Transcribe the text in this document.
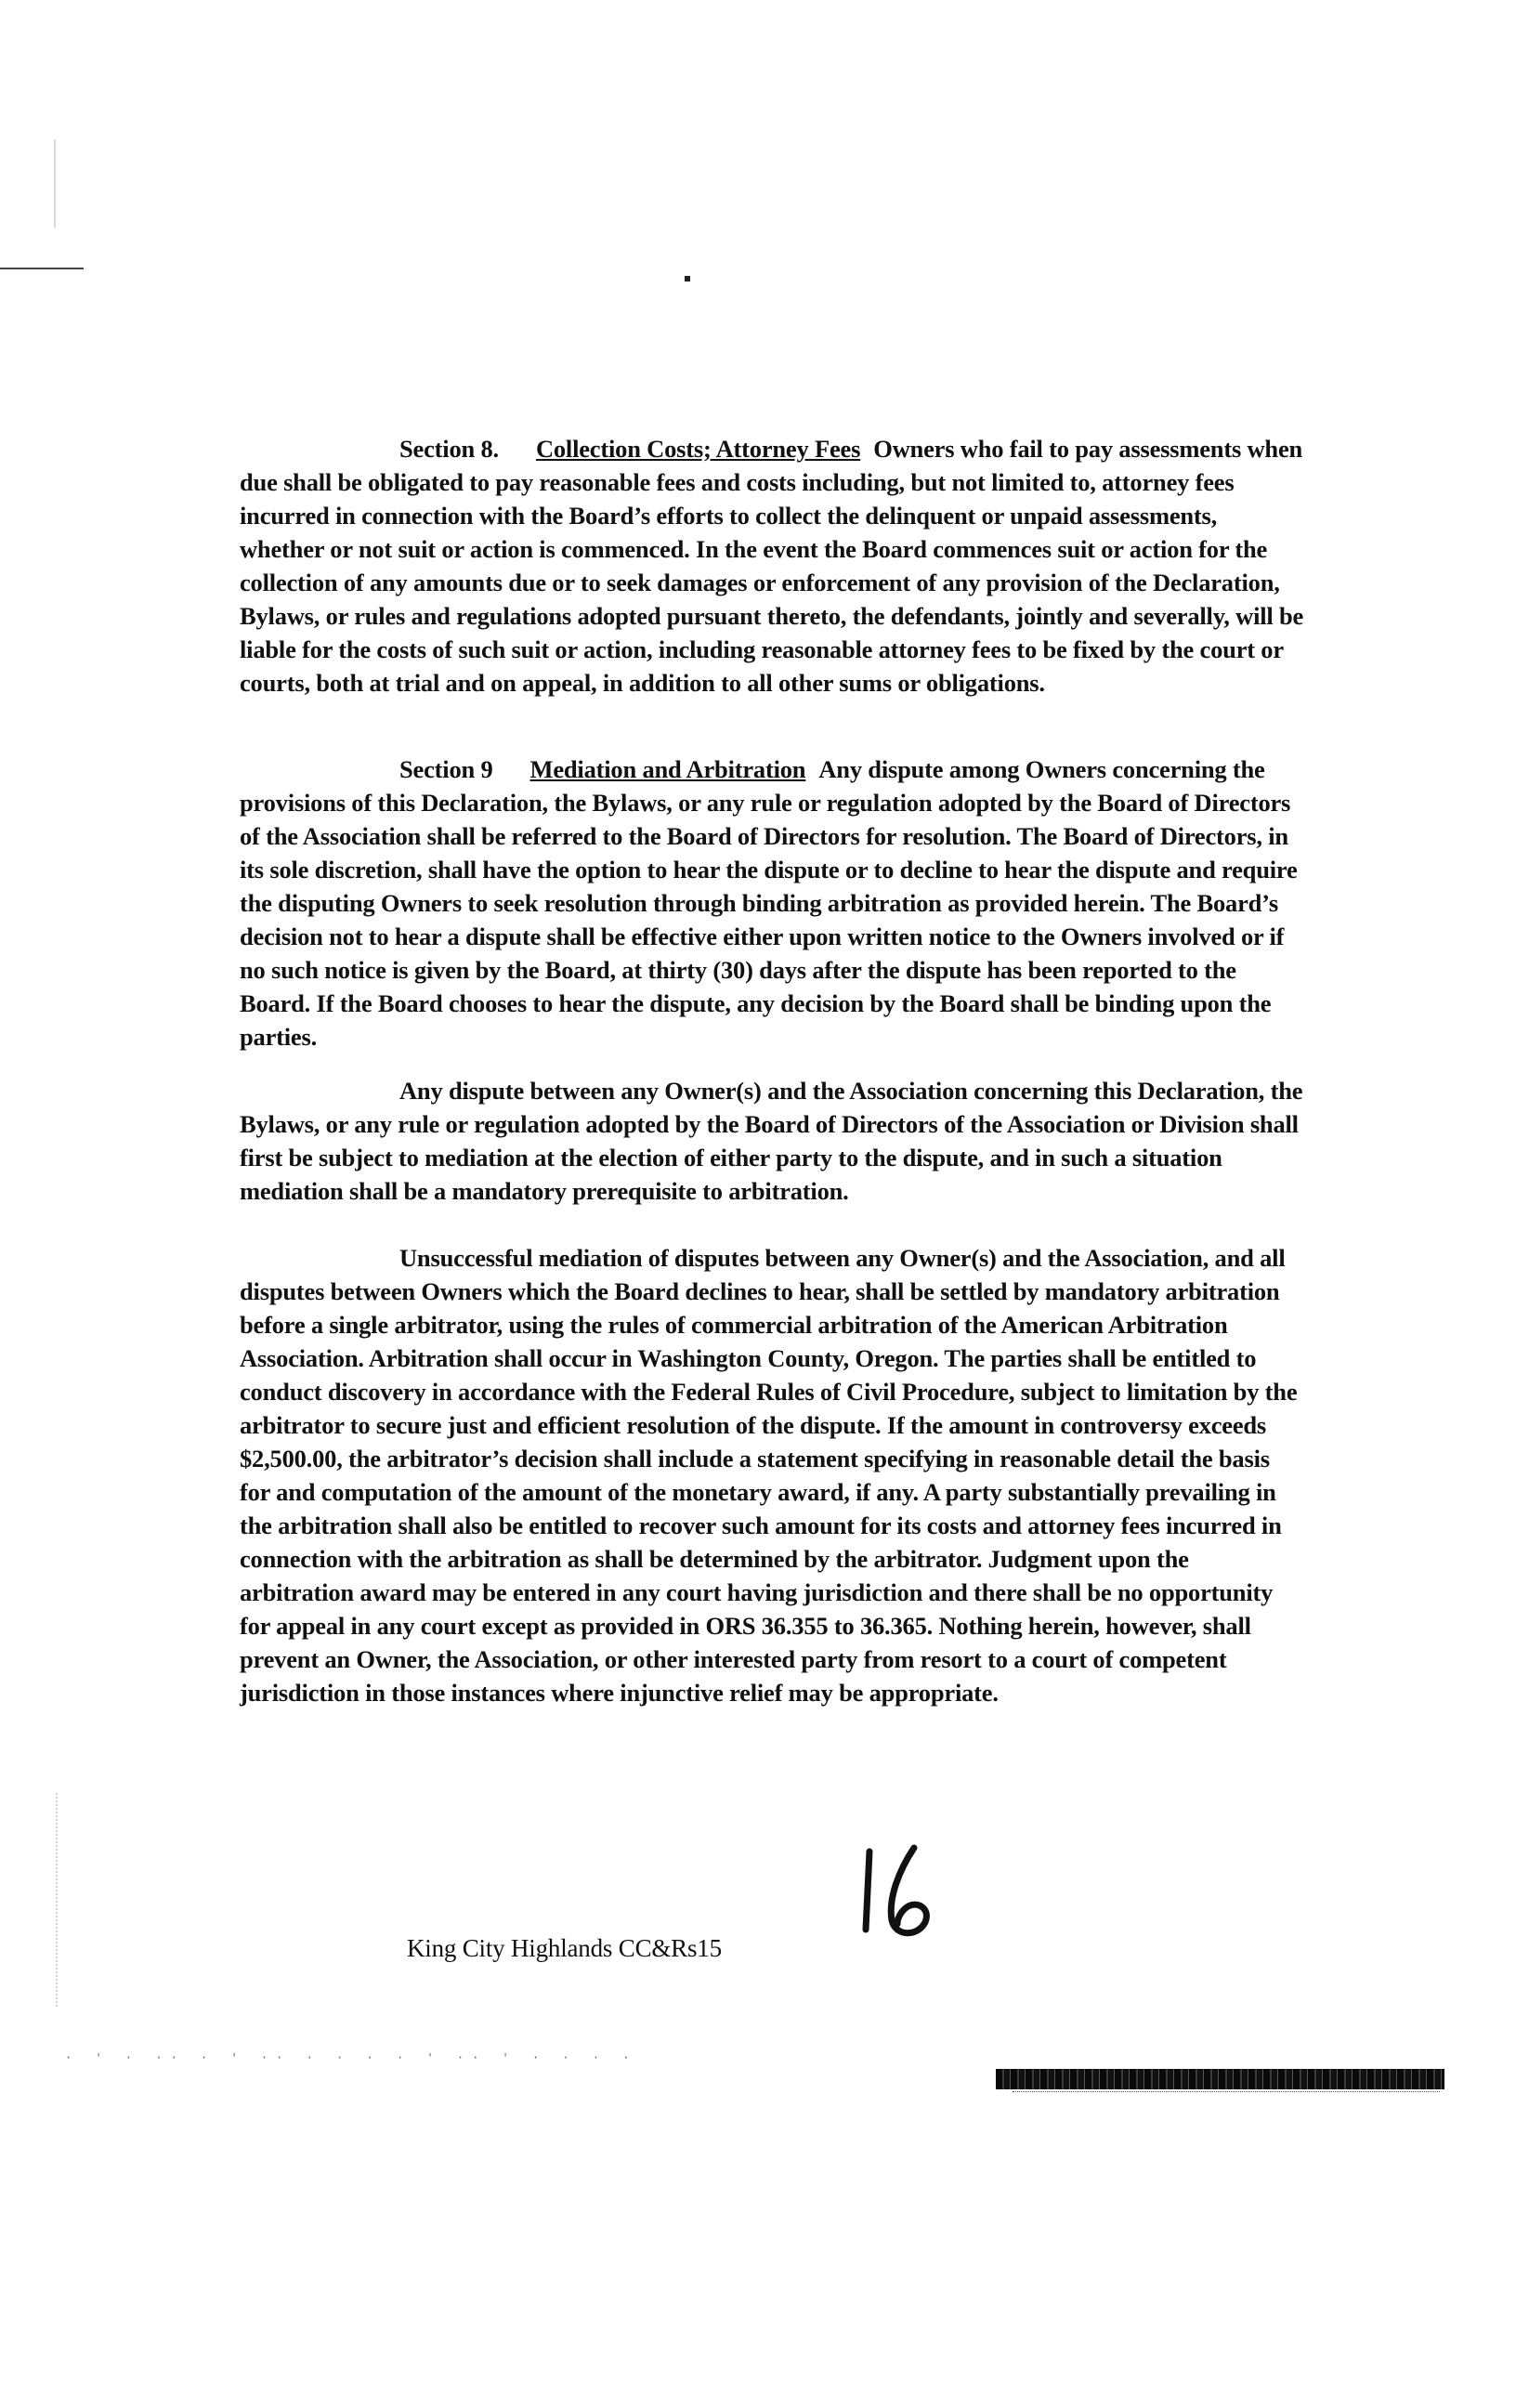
Section 8. Collection Costs; Attorney Fees Owners who fail to pay assessments when due shall be obligated to pay reasonable fees and costs including, but not limited to, attorney fees incurred in connection with the Board’s efforts to collect the delinquent or unpaid assessments, whether or not suit or action is commenced. In the event the Board commences suit or action for the collection of any amounts due or to seek damages or enforcement of any provision of the Declaration, Bylaws, or rules and regulations adopted pursuant thereto, the defendants, jointly and severally, will be liable for the costs of such suit or action, including reasonable attorney fees to be fixed by the court or courts, both at trial and on appeal, in addition to all other sums or obligations.

Section 9 Mediation and Arbitration Any dispute among Owners concerning the provisions of this Declaration, the Bylaws, or any rule or regulation adopted by the Board of Directors of the Association shall be referred to the Board of Directors for resolution. The Board of Directors, in its sole discretion, shall have the option to hear the dispute or to decline to hear the dispute and require the disputing Owners to seek resolution through binding arbitration as provided herein. The Board’s decision not to hear a dispute shall be effective either upon written notice to the Owners involved or if no such notice is given by the Board, at thirty (30) days after the dispute has been reported to the Board. If the Board chooses to hear the dispute, any decision by the Board shall be binding upon the parties.

Any dispute between any Owner(s) and the Association concerning this Declaration, the Bylaws, or any rule or regulation adopted by the Board of Directors of the Association or Division shall first be subject to mediation at the election of either party to the dispute, and in such a situation mediation shall be a mandatory prerequisite to arbitration.

Unsuccessful mediation of disputes between any Owner(s) and the Association, and all disputes between Owners which the Board declines to hear, shall be settled by mandatory arbitration before a single arbitrator, using the rules of commercial arbitration of the American Arbitration Association. Arbitration shall occur in Washington County, Oregon. The parties shall be entitled to conduct discovery in accordance with the Federal Rules of Civil Procedure, subject to limitation by the arbitrator to secure just and efficient resolution of the dispute. If the amount in controversy exceeds $2,500.00, the arbitrator’s decision shall include a statement specifying in reasonable detail the basis for and computation of the amount of the monetary award, if any. A party substantially prevailing in the arbitration shall also be entitled to recover such amount for its costs and attorney fees incurred in connection with the arbitration as shall be determined by the arbitrator. Judgment upon the arbitration award may be entered in any court having jurisdiction and there shall be no opportunity for appeal in any court except as provided in ORS 36.355 to 36.365. Nothing herein, however, shall prevent an Owner, the Association, or other interested party from resort to a court of competent jurisdiction in those instances where injunctive relief may be appropriate.

King City Highlands CC&Rs15
· ' · ·· · ' ·· · · · · ' ·· ' · · · ·
